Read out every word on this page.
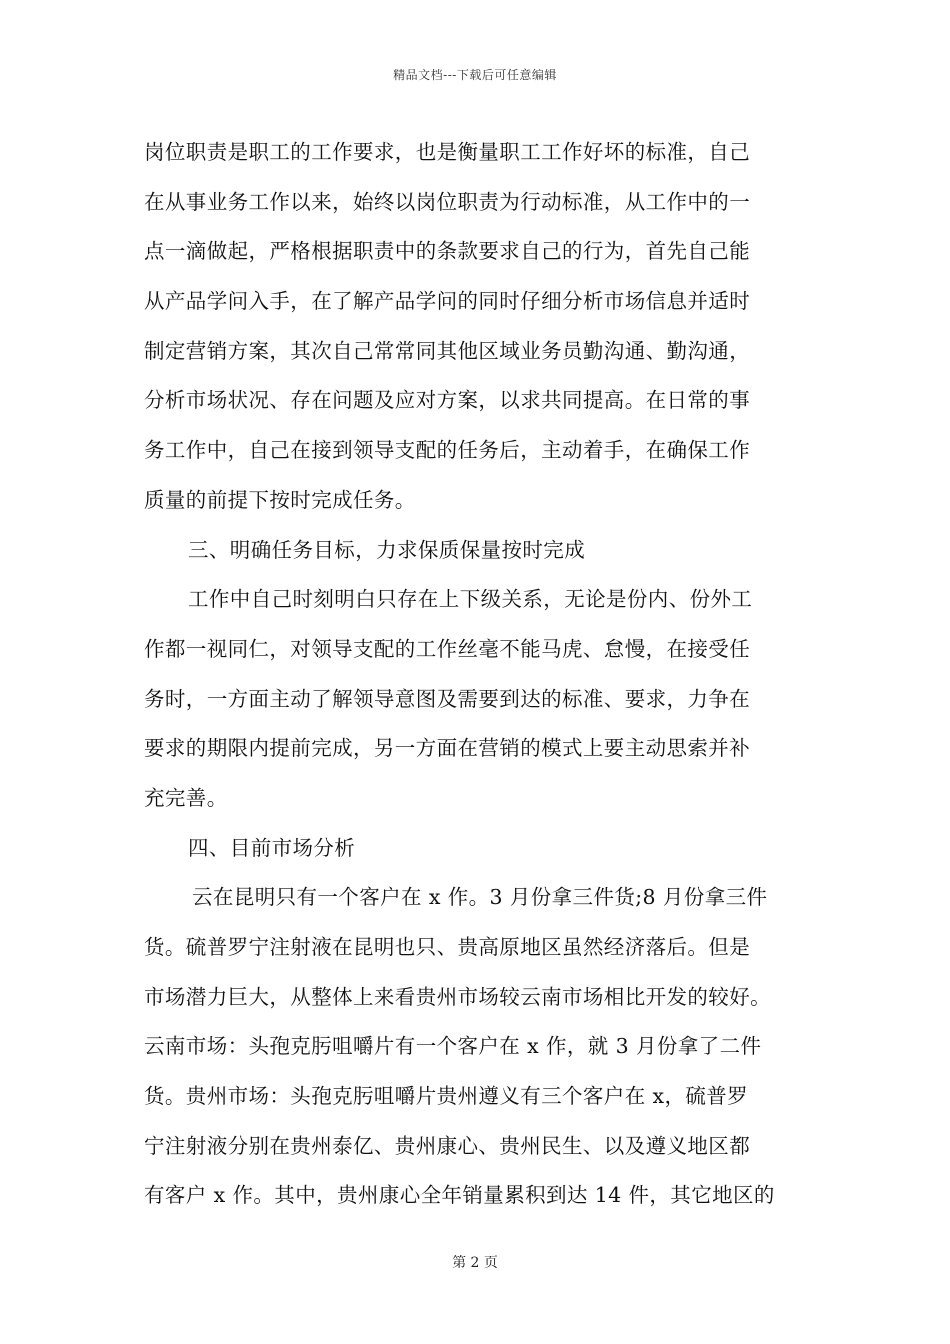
精品文档---下载后可任意编辑
岗位职责是职工的工作要求，也是衡量职工工作好坏的标准，自己
在从事业务工作以来，始终以岗位职责为行动标准，从工作中的一
点一滴做起，严格根据职责中的条款要求自己的行为，首先自己能
从产品学问入手，在了解产品学问的同时仔细分析市场信息并适时
制定营销方案，其次自己常常同其他区域业务员勤沟通、勤沟通，
分析市场状况、存在问题及应对方案，以求共同提高。在日常的事
务工作中，自己在接到领导支配的任务后，主动着手，在确保工作
质量的前提下按时完成任务。
三、明确任务目标，力求保质保量按时完成
工作中自己时刻明白只存在上下级关系，无论是份内、份外工
作都一视同仁，对领导支配的工作丝毫不能马虎、怠慢，在接受任
务时，一方面主动了解领导意图及需要到达的标准、要求，力争在
要求的期限内提前完成，另一方面在营销的模式上要主动思索并补
充完善。
四、目前市场分析
云在昆明只有一个客户在 x 作。3 月份拿三件货;8 月份拿三件
货。硫普罗宁注射液在昆明也只、贵高原地区虽然经济落后。但是
市场潜力巨大，从整体上来看贵州市场较云南市场相比开发的较好。
云南市场：头孢克肟咀嚼片有一个客户在 x 作，就 3 月份拿了二件
货。贵州市场：头孢克肟咀嚼片贵州遵义有三个客户在 x，硫普罗
宁注射液分别在贵州泰亿、贵州康心、贵州民生、以及遵义地区都
有客户 x 作。其中，贵州康心全年销量累积到达 14 件，其它地区的
第 2 页
